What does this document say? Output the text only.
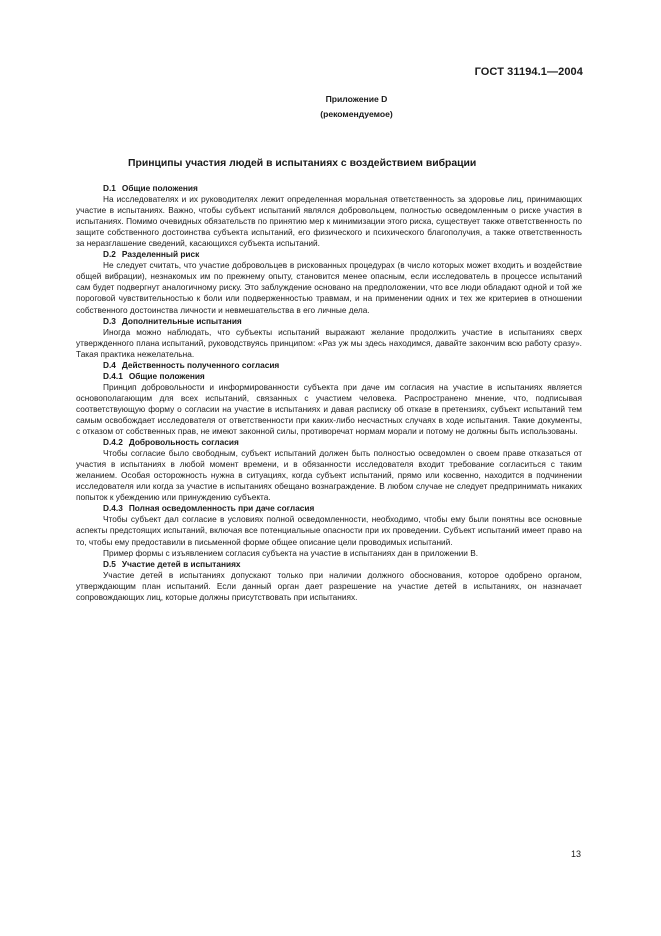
ГОСТ 31194.1—2004
Приложение D
(рекомендуемое)
Принципы участия людей в испытаниях с воздействием вибрации
D.1 Общие положения

На исследователях и их руководителях лежит определенная моральная ответственность за здоровье лиц, принимающих участие в испытаниях. Важно, чтобы субъект испытаний являлся добровольцем, полностью осведомленным о риске участия в испытаниях. Помимо очевидных обязательств по принятию мер к минимизации этого риска, существует также ответственность по защите собственного достоинства субъекта испытаний, его физического и психического благополучия, а также ответственность за неразглашение сведений, касающихся субъекта испытаний.

D.2 Разделенный риск

Не следует считать, что участие добровольцев в рискованных процедурах (в число которых может входить и воздействие общей вибрации), незнакомых им по прежнему опыту, становится менее опасным, если исследователь в процессе испытаний сам будет подвергнут аналогичному риску. Это заблуждение основано на предположении, что все люди обладают одной и той же пороговой чувствительностью к боли или подверженностью травмам, и на применении одних и тех же критериев в отношении собственного достоинства личности и невмешательства в его личные дела.

D.3 Дополнительные испытания

Иногда можно наблюдать, что субъекты испытаний выражают желание продолжить участие в испытаниях сверх утвержденного плана испытаний, руководствуясь принципом: «Раз уж мы здесь находимся, давайте закончим всю работу сразу». Такая практика нежелательна.

D.4 Действенность полученного согласия
D.4.1 Общие положения

Принцип добровольности и информированности субъекта при даче им согласия на участие в испытаниях является основополагающим для всех испытаний, связанных с участием человека. Распространено мнение, что, подписывая соответствующую форму о согласии на участие в испытаниях и давая расписку об отказе в претензиях, субъект испытаний тем самым освобождает исследователя от ответственности при каких-либо несчастных случаях в ходе испытания. Такие документы, с отказом от собственных прав, не имеют законной силы, противоречат нормам морали и потому не должны быть использованы.

D.4.2 Добровольность согласия

Чтобы согласие было свободным, субъект испытаний должен быть полностью осведомлен о своем праве отказаться от участия в испытаниях в любой момент времени, и в обязанности исследователя входит требование согласиться с таким желанием. Особая осторожность нужна в ситуациях, когда субъект испытаний, прямо или косвенно, находится в подчинении исследователя или когда за участие в испытаниях обещано вознаграждение. В любом случае не следует предпринимать никаких попыток к убеждению или принуждению субъекта.

D.4.3 Полная осведомленность при даче согласия

Чтобы субъект дал согласие в условиях полной осведомленности, необходимо, чтобы ему были понятны все основные аспекты предстоящих испытаний, включая все потенциальные опасности при их проведении. Субъект испытаний имеет право на то, чтобы ему предоставили в письменной форме общее описание цели проводимых испытаний.

Пример формы с изъявлением согласия субъекта на участие в испытаниях дан в приложении B.

D.5 Участие детей в испытаниях

Участие детей в испытаниях допускают только при наличии должного обоснования, которое одобрено органом, утверждающим план испытаний. Если данный орган дает разрешение на участие детей в испытаниях, он назначает сопровождающих лиц, которые должны присутствовать при испытаниях.

13
